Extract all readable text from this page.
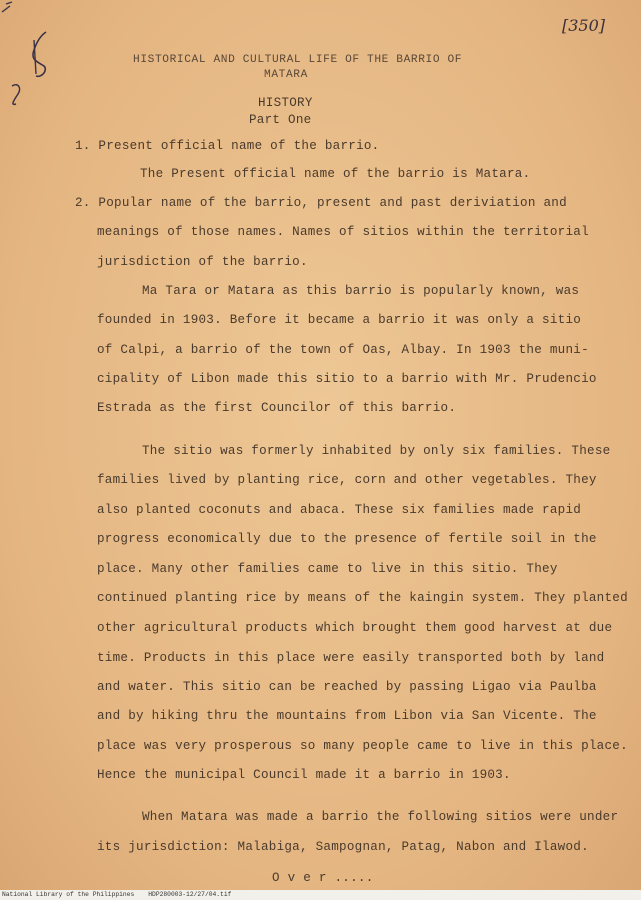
[350]
HISTORICAL AND CULTURAL LIFE OF THE BARRIO OF
MATARA
HISTORY
Part One
1. Present official name of the barrio.
The Present official name of the barrio is Matara.
2. Popular name of the barrio, present and past deriviation and
meanings of those names. Names of sitios within the territorial
jurisdiction of the barrio.
Ma Tara or Matara as this barrio is popularly known, was
founded in 1903. Before it became a barrio it was only a sitio
of Calpi, a barrio of the town of Oas, Albay. In 1903 the muni-
cipality of Libon made this sitio to a barrio with Mr. Prudencio
Estrada as the first Councilor of this barrio.
The sitio was formerly inhabited by only six families. These
families lived by planting rice, corn and other vegetables. They
also planted coconuts and abaca. These six families made rapid
progress economically due to the presence of fertile soil in the
place. Many other families came to live in this sitio. They
continued planting rice by means of the kaingin system. They planted
other agricultural products which brought them good harvest at due
time. Products in this place were easily transported both by land
and water. This sitio can be reached by passing Ligao via Paulba
and by hiking thru the mountains from Libon via San Vicente. The
place was very prosperous so many people came to live in this place.
Hence the municipal Council made it a barrio in 1903.
When Matara was made a barrio the following sitios were under
its jurisdiction: Malabiga, Sampognan, Patag, Nabon and Ilawod.
O v e r .....
National Library of the Philippines HDP280003-12/27/04.tif
